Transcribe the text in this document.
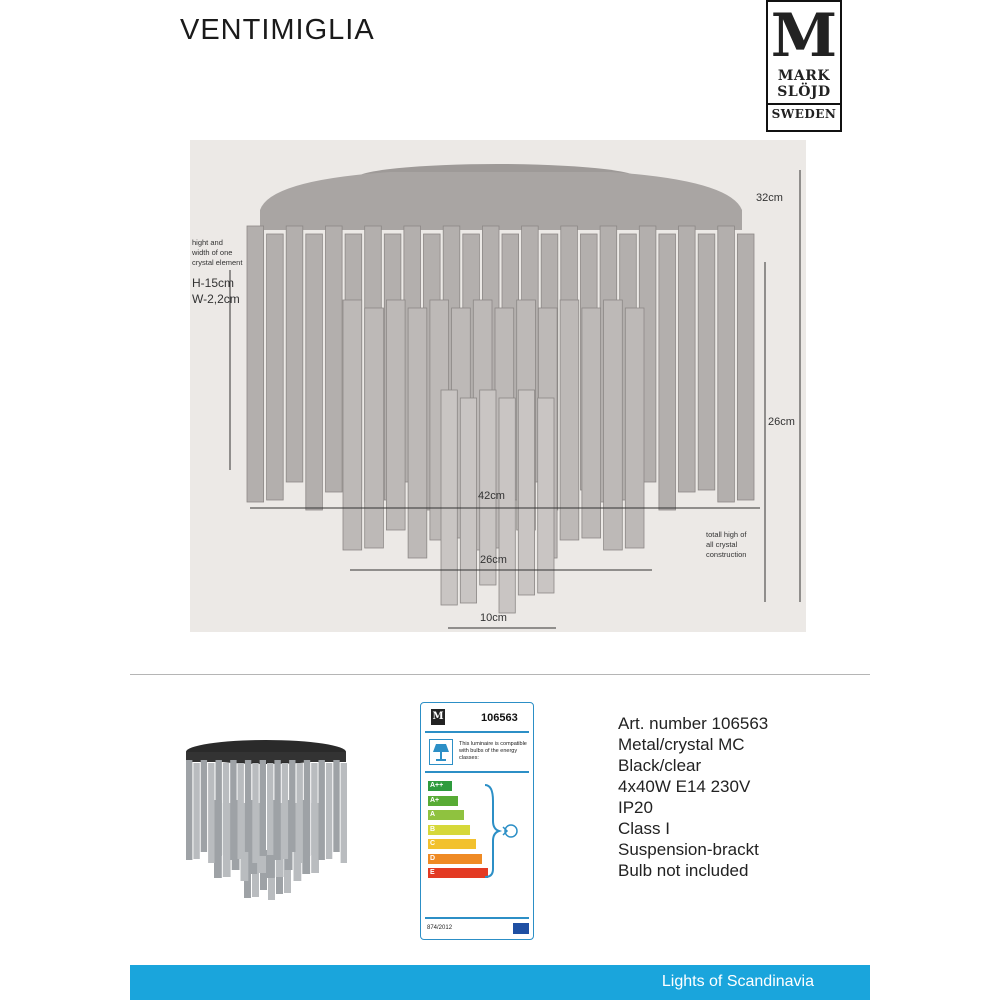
VENTIMIGLIA	M
MARK
SLÖJD
SWEDEN
32cm
26cm
42cm
26cm
10cm
hight and
width of one
crystal element
H-15cm
W-2,2cm
totall high of
all crystal
construction
M	106563
This luminaire is compatible with bulbs of the energy classes:
A++
A+
A
B
C
D
E
874/2012
Art. number 106563
Metal/crystal MC
Black/clear
4x40W E14 230V
IP20
Class I
Suspension-brackt
Bulb not included
Lights of Scandinavia
